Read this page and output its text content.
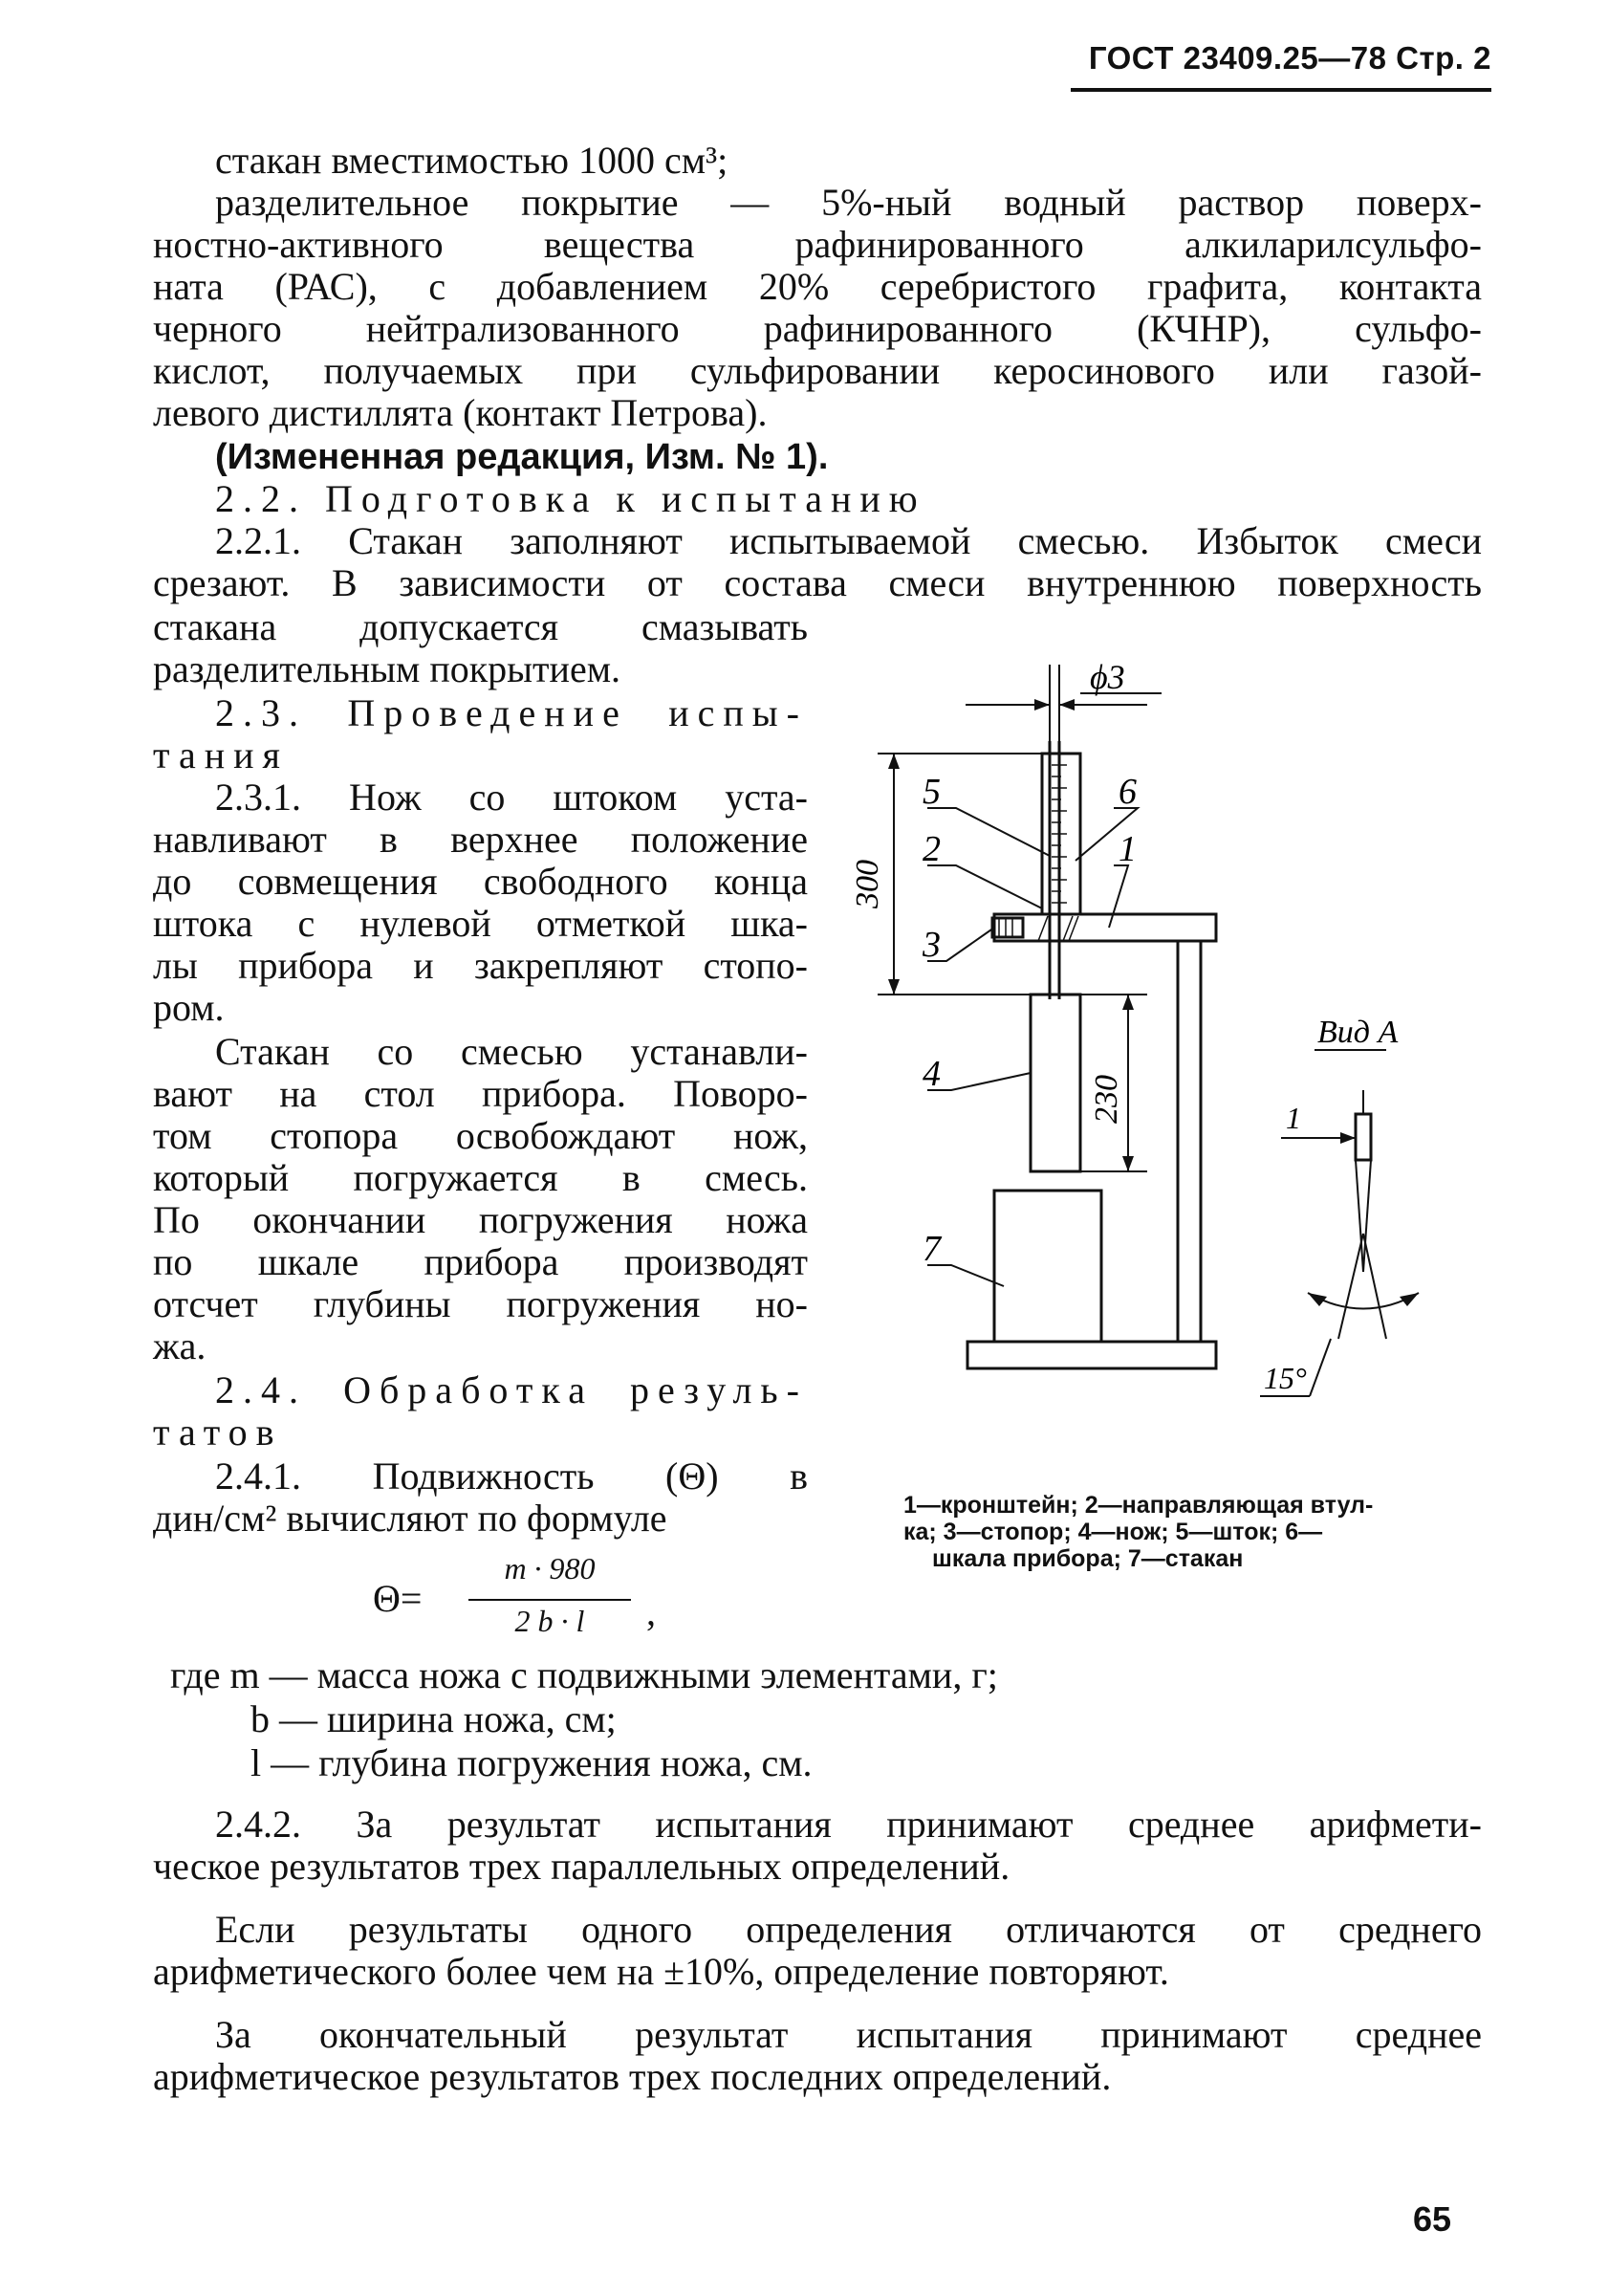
ГОСТ 23409.25—78 Стр. 2
стакан вместимостью 1000 см³;
разделительное покрытие — 5%-ный водный раствор поверх-
ностно-активного вещества рафинированного алкиларилсульфо-
ната (РАС), с добавлением 20% серебристого графита, контакта
черного нейтрализованного рафинированного (КЧНР), сульфо-
кислот, получаемых при сульфировании керосинового или газой-
левого дистиллята (контакт Петрова).
(Измененная редакция, Изм. № 1).
2.2. Подготовка к испытанию
2.2.1. Стакан заполняют испытываемой смесью. Избыток смеси
срезают. В зависимости от состава смеси внутреннюю поверхность
стакана допускается смазывать
разделительным покрытием.
2.3. Проведение испы-
тания
2.3.1. Нож со штоком уста-
навливают в верхнее положение
до совмещения свободного конца
штока с нулевой отметкой шка-
лы прибора и закрепляют стопо-
ром.
Стакан со смесью устанавли-
вают на стол прибора. Поворо-
том стопора освобождают нож,
который погружается в смесь.
По окончании погружения ножа
по шкале прибора производят
отсчет глубины погружения но-
жа.
2.4. Обработка резуль-
татов
2.4.1. Подвижность (Θ) в
дин/см² вычисляют по формуле
Θ=
m · 980
2 b · l	,
где m — масса ножа с подвижными элементами, г;
b — ширина ножа, см;
l — глубина погружения ножа, см.
2.4.2. За результат испытания принимают среднее арифмети-
ческое результатов трех параллельных определений.
Если результаты одного определения отличаются от среднего
арифметического более чем на ±10%, определение повторяют.
За окончательный результат испытания принимают среднее
арифметическое результатов трех последних определений.
ϕ3
300
230
5
2
3
4
7
6
1
Вид А
1
15°
1—кронштейн; 2—направляющая втул-
ка; 3—стопор; 4—нож; 5—шток; 6—
шкала прибора; 7—стакан
65
